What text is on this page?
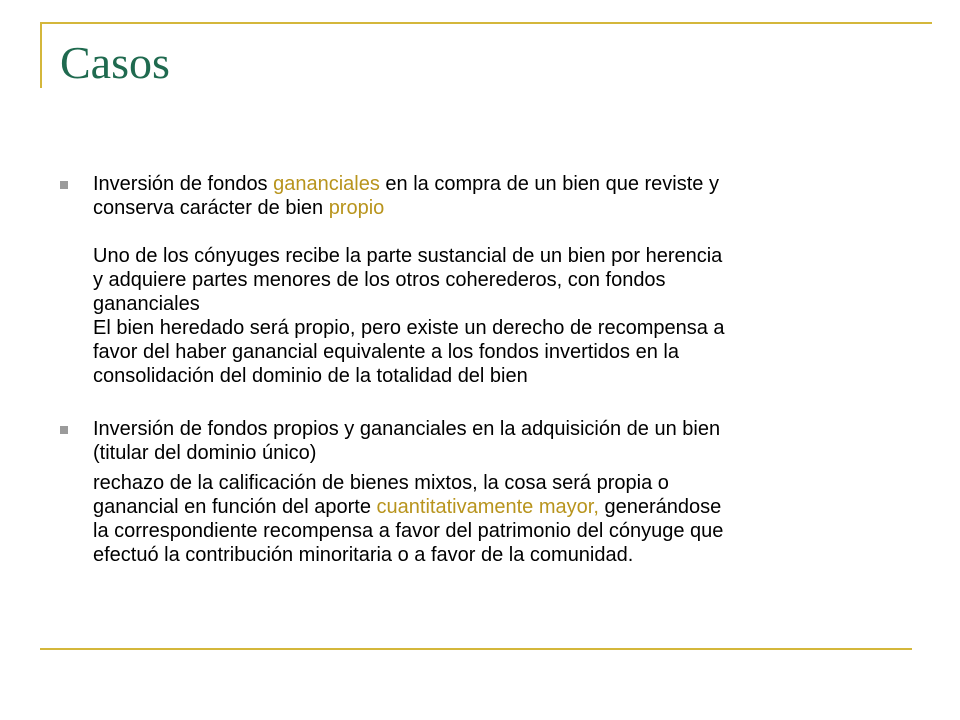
Casos

Inversión de fondos gananciales en la compra de un bien que reviste y

conserva carácter de bien propio

Uno de los cónyuges recibe la parte sustancial de un bien por herencia

y adquiere partes menores de los otros coherederos, con fondos

gananciales

El bien heredado será propio, pero existe un derecho de recompensa a

favor del haber ganancial equivalente a los fondos invertidos en la

consolidación del dominio de la totalidad del bien

Inversión de fondos propios y gananciales en la adquisición de un bien

(titular del dominio único)

rechazo de la calificación de bienes mixtos, la cosa será propia o

ganancial en función del aporte cuantitativamente mayor, generándose

la correspondiente recompensa a favor del patrimonio del cónyuge que

efectuó la contribución minoritaria o a favor de la comunidad.
